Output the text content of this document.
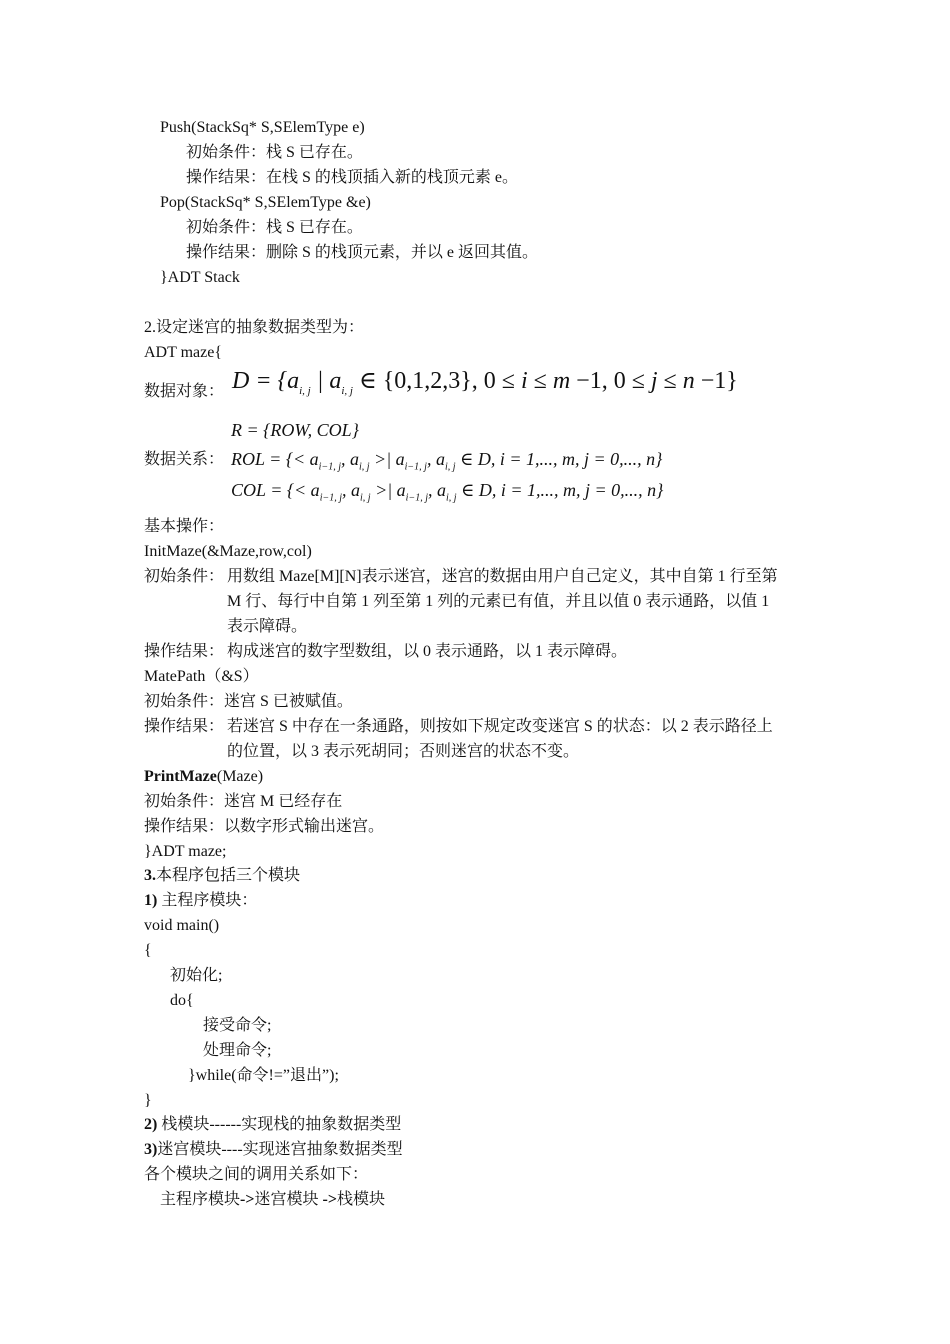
Push(StackSq* S,SElemType e)
初始条件：栈 S 已存在。
操作结果：在栈 S 的栈顶插入新的栈顶元素 e。
Pop(StackSq* S,SElemType &e)
初始条件：栈 S 已存在。
操作结果：删除 S 的栈顶元素，并以 e 返回其值。
}ADT Stack
2.设定迷宫的抽象数据类型为：
ADT maze{
数据对象： $D = \{a_{i, j}$ | $a_{i, j}$ ∈ {0,1,2,3}, 0 ≤ i ≤ m −1, 0 ≤ j ≤ n −1}
R = {ROW, COL}
数据关系： ROL = {< $a_{i-1, j}$, $a_{i, j}$ >| $a_{i-1, j}$, $a_{i, j}$ ∈ D, i = 1,..., m, j = 0,..., n}
COL = {< $a_{i-1, j}$, $a_{i, j}$ >| $a_{i-1, j}$, $a_{i, j}$ ∈ D, i = 1,..., m, j = 0,..., n}
基本操作：
InitMaze(&Maze,row,col)
初始条件： 用数组 Maze[M][N]表示迷宫，迷宫的数据由用户自己定义，其中自第 1 行至第
M 行、每行中自第 1 列至第 1 列的元素已有值，并且以值 0 表示通路，以值 1
表示障碍。
操作结果： 构成迷宫的数字型数组，以 0 表示通路，以 1 表示障碍。
MatePath（&S）
初始条件：迷宫 S 已被赋值。
操作结果： 若迷宫 S 中存在一条通路，则按如下规定改变迷宫 S 的状态：以 2 表示路径上
的位置，以 3 表示死胡同；否则迷宫的状态不变。
PrintMaze(Maze)
初始条件：迷宫 M 已经存在
操作结果：以数字形式输出迷宫。
}ADT maze;
3.本程序包括三个模块
1) 主程序模块：
void main()
{
初始化;
do{
接受命令;
处理命令;
}while(命令!=”退出”);
}
2) 栈模块------实现栈的抽象数据类型
3)迷宫模块----实现迷宫抽象数据类型
各个模块之间的调用关系如下：
主程序模块->迷宫模块 ->栈模块
